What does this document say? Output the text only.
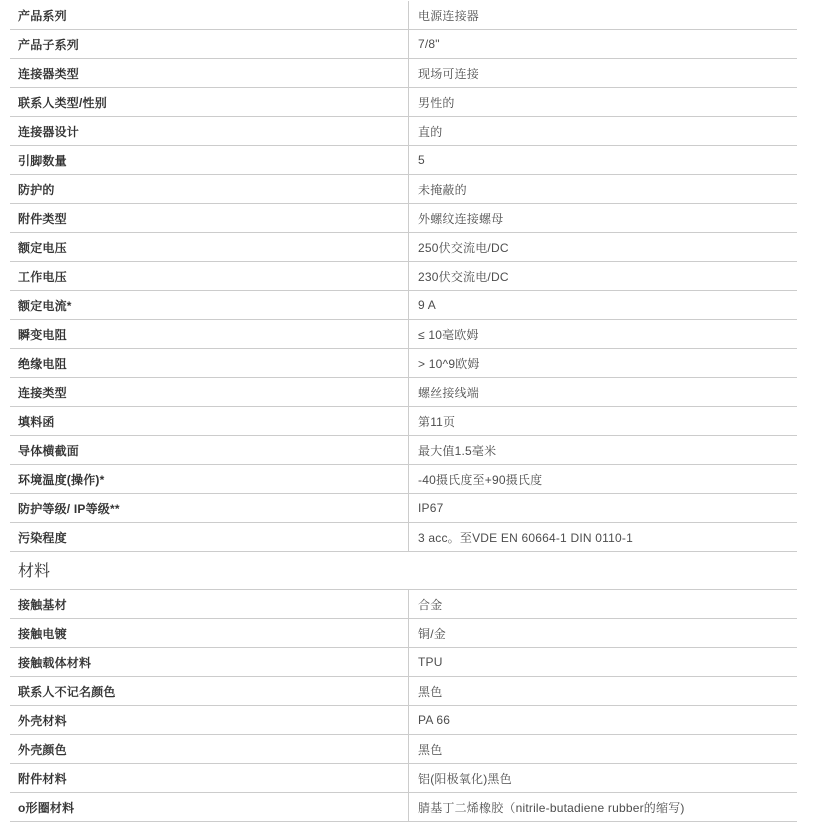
产品系列	电源连接器
产品子系列	7/8"
连接器类型	现场可连接
联系人类型/性别	男性的
连接器设计	直的
引脚数量	5
防护的	未掩蔽的
附件类型	外螺纹连接螺母
额定电压	250伏交流电/DC
工作电压	230伏交流电/DC
额定电流*	9 A
瞬变电阻	≤ 10毫欧姆
绝缘电阻	> 10^9欧姆
连接类型	螺丝接线端
填料函	第11页
导体横截面	最大值1.5毫米
环境温度(操作)*	-40摄氏度至+90摄氏度
防护等级/ IP等级**	IP67
污染程度	3 acc。至VDE EN 60664-1 DIN 0110-1
材料
接触基材	合金
接触电镀	铜/金
接触载体材料	TPU
联系人不记名颜色	黑色
外壳材料	PA 66
外壳颜色	黑色
附件材料	铝(阳极氧化)黑色
o形圈材料	腈基丁二烯橡胶（nitrile-butadiene rubber的缩写)
